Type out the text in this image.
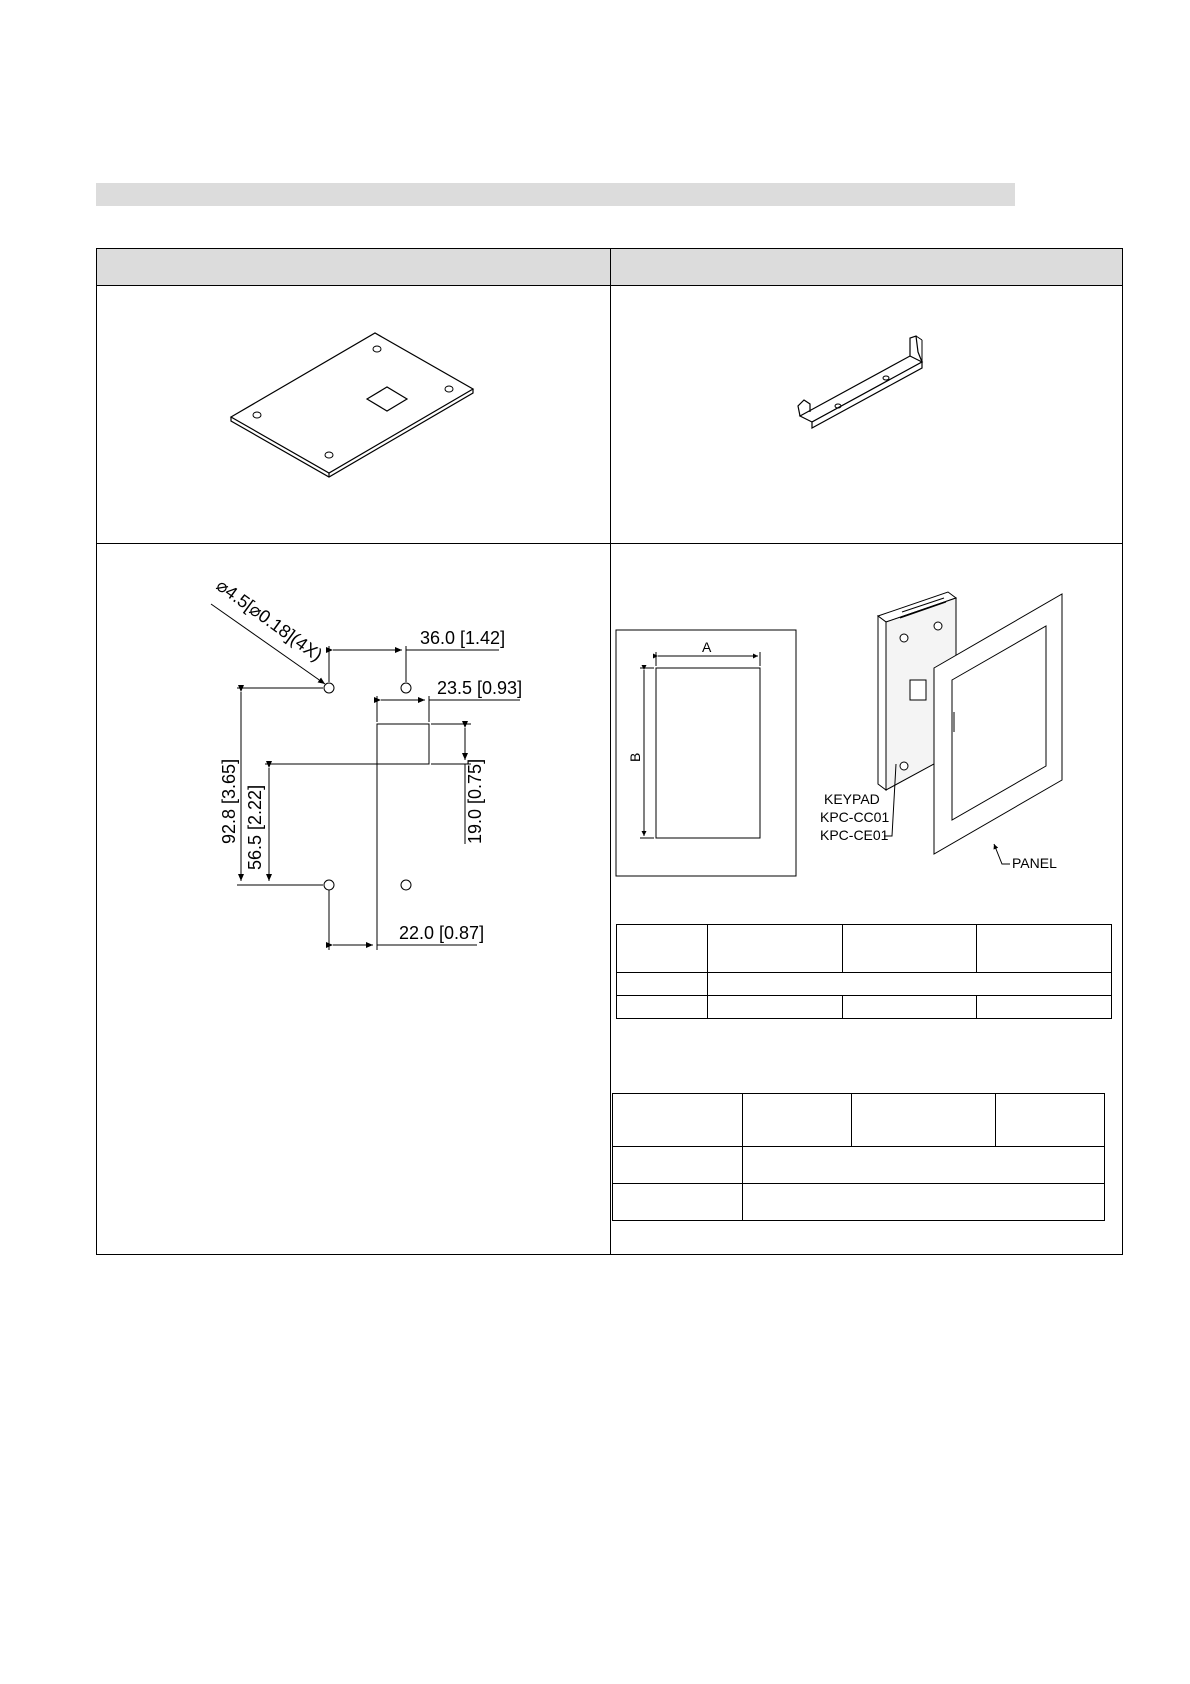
⌀4.5[⌀0.18](4X)	36.0 [1.42]
23.5 [0.93]
19.0 [0.75]
92.8 [3.65] 56.5 [2.22]
22.0 [0.87]
A
B
KEYPAD
KPC-CC01
KPC-CE01
PANEL
